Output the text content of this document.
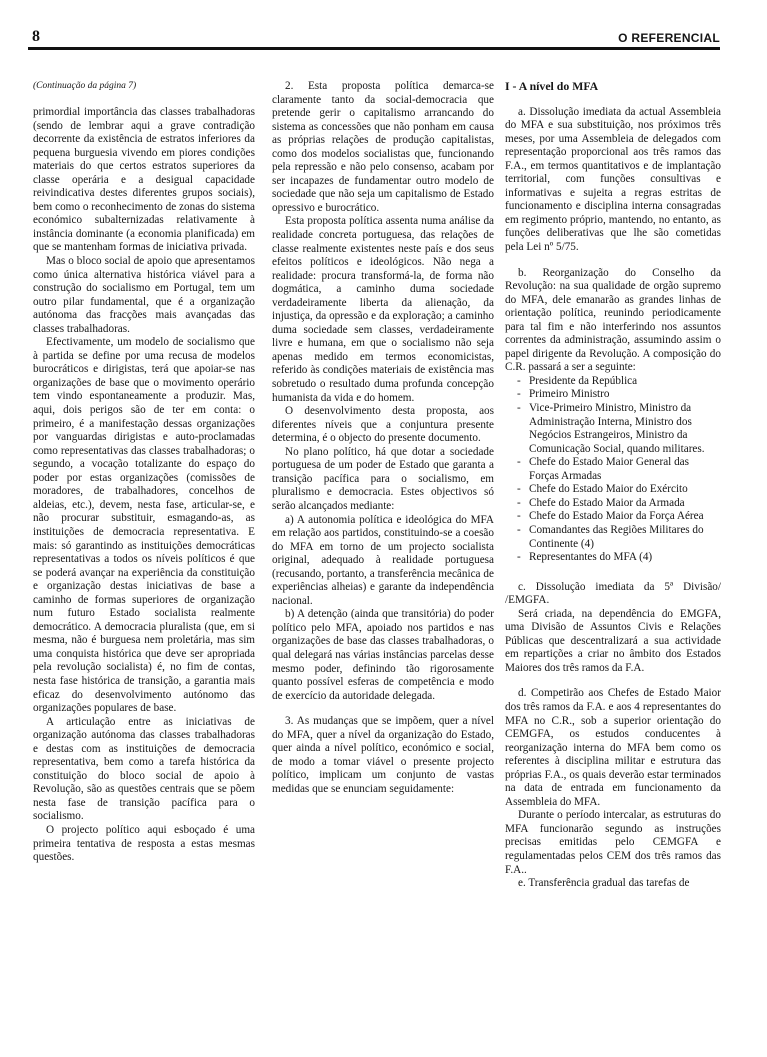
8	O REFERENCIAL

(Continuação da página 7)

primordial importância das classes trabalhadoras (sendo de lembrar aqui a grave contradição decorrente da existência de estratos inferiores da pequena burguesia vivendo em piores condições materiais do que certos estratos superiores da classe operária e a desigual capacidade reivindicativa destes diferentes grupos sociais), bem como o reconhecimento de zonas do sistema económico subalternizadas relativamente à instância dominante (a economia planificada) em que se mantenham formas de iniciativa privada.

Mas o bloco social de apoio que apresentamos como única alternativa histórica viável para a construção do socialismo em Portugal, tem um outro pilar fundamental, que é a organização autónoma das fracções mais avançadas das classes trabalhadoras.

Efectivamente, um modelo de socialismo que à partida se define por uma recusa de modelos burocráticos e dirigistas, terá que apoiar-se nas organizações de base que o movimento operário tem vindo espontaneamente a produzir. Mas, aqui, dois perigos são de ter em conta: o primeiro, é a manifestação dessas organizações por vanguardas dirigistas e auto-proclamadas como representativas das classes trabalhadoras; o segundo, a vocação totalizante do espaço do poder por estas organizações (comissões de moradores, de trabalhadores, concelhos de aldeias, etc.), devem, nesta fase, articular-se, e não procurar substituir, esmagando-as, as instituições de democracia representativa. E mais: só garantindo as instituições democráticas representativas a todos os níveis políticos é que se poderá avançar na experiência da constituição e organização destas iniciativas de base a caminho de formas superiores de organização num futuro Estado socialista realmente democrático. A democracia pluralista (que, em si mesma, não é burguesa nem proletária, mas sim uma conquista histórica que deve ser apropriada pela revolução socialista) é, no fim de contas, nesta fase histórica de transição, a garantia mais eficaz do desenvolvimento autónomo das organizações populares de base.

A articulação entre as iniciativas de organização autónoma das classes trabalhadoras e destas com as instituições de democracia representativa, bem como a tarefa histórica da constituição do bloco social de apoio à Revolução, são as questões centrais que se põem nesta fase de transição pacífica para o socialismo.

O projecto político aqui esboçado é uma primeira tentativa de resposta a estas mesmas questões.

2. Esta proposta política demarca-se claramente tanto da social-democracia que pretende gerir o capitalismo arrancando do sistema as concessões que não ponham em causa as próprias relações de produção capitalistas, como dos modelos socialistas que, funcionando pela repressão e não pelo consenso, acabam por ser incapazes de fundamentar outro modelo de sociedade que não seja um capitalismo de Estado opressivo e burocrático.

Esta proposta política assenta numa análise da realidade concreta portuguesa, das relações de classe realmente existentes neste país e dos seus efeitos políticos e ideológicos. Não nega a realidade: procura transformá-la, de forma não dogmática, a caminho duma sociedade verdadeiramente liberta da alienação, da injustiça, da opressão e da exploração; a caminho duma sociedade sem classes, verdadeiramente livre e humana, em que o socialismo não seja apenas medido em termos economicistas, referido às condições materiais de existência mas sobretudo o resultado duma profunda concepção humanista da vida e do homem.

O desenvolvimento desta proposta, aos diferentes níveis que a conjuntura presente determina, é o objecto do presente documento.

No plano político, há que dotar a sociedade portuguesa de um poder de Estado que garanta a transição pacífica para o socialismo, em pluralismo e democracia. Estes objectivos só serão alcançados mediante:

a) A autonomia política e ideológica do MFA em relação aos partidos, constituindo-se a coesão do MFA em torno de um projecto socialista original, adequado à realidade portuguesa (recusando, portanto, a transferência mecânica de experiências alheias) e garante da independência nacional.

b) A detenção (ainda que transitória) do poder político pelo MFA, apoiado nos partidos e nas organizações de base das classes trabalhadoras, o qual delegará nas várias instâncias parcelas desse mesmo poder, definindo tão rigorosamente quanto possível esferas de competência e modo de exercício da autoridade delegada.

3. As mudanças que se impõem, quer a nível do MFA, quer a nível da organização do Estado, quer ainda a nível político, económico e social, de modo a tomar viável o presente projecto político, implicam um conjunto de vastas medidas que se enunciam seguidamente:

I - A nível do MFA

a. Dissolução imediata da actual Assembleia do MFA e sua substituição, nos próximos três meses, por uma Assembleia de delegados com representação proporcional aos três ramos das F.A., em termos quantitativos e de implantação territorial, com funções consultivas e informativas e sujeita a regras estritas de funcionamento e disciplina interna consagradas em regimento próprio, mantendo, no entanto, as funções deliberativas que lhe são cometidas pela Lei nº 5/75.

b. Reorganização do Conselho da Revolução: na sua qualidade de orgão supremo do MFA, dele emanarão as grandes linhas de orientação política, reunindo periodicamente para tal fim e não interferindo nos assuntos correntes da administração, assumindo assim o papel dirigente da Revolução. A composição do C.R. passará a ser a seguinte:

- Presidente da República
- Primeiro Ministro
- Vice-Primeiro Ministro, Ministro da Administração Interna, Ministro dos Negócios Estrangeiros, Ministro da Comunicação Social, quando militares.
- Chefe do Estado Maior General das Forças Armadas
- Chefe do Estado Maior do Exército
- Chefe do Estado Maior da Armada
- Chefe do Estado Maior da Força Aérea
- Comandantes das Regiões Militares do Continente (4)
- Representantes do MFA (4)

c. Dissolução imediata da 5ª Divisão/ /EMGFA.

Será criada, na dependência do EMGFA, uma Divisão de Assuntos Civis e Relações Públicas que descentralizará a sua actividade em repartições a criar no âmbito dos Estados Maiores dos três ramos da F.A.

d. Competirão aos Chefes de Estado Maior dos três ramos da F.A. e aos 4 representantes do MFA no C.R., sob a superior orientação do CEMGFA, os estudos conducentes à reorganização interna do MFA bem como os referentes à disciplina militar e estrutura das próprias F.A., os quais deverão estar terminados na data de entrada em funcionamento da Assembleia do MFA.

Durante o período intercalar, as estruturas do MFA funcionarão segundo as instruções precisas emitidas pelo CEMGFA e regulamentadas pelos CEM dos três ramos das F.A..

e. Transferência gradual das tarefas de
